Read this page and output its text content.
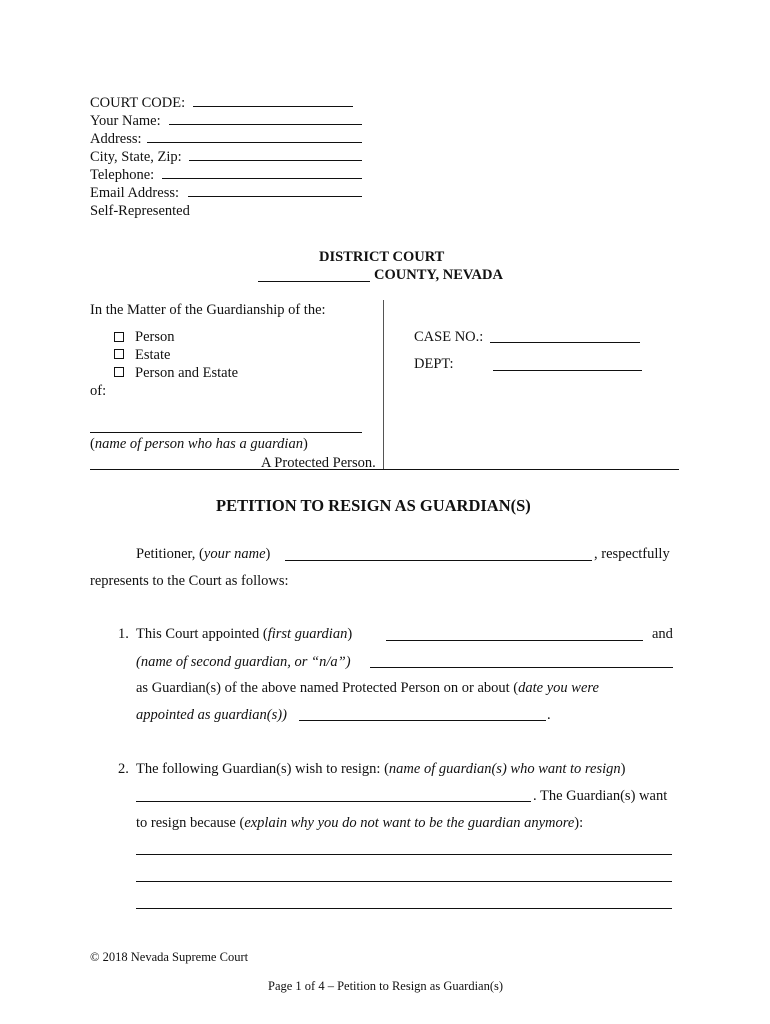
COURT CODE:
Your Name:
Address:
City, State, Zip:
Telephone:
Email Address:
Self-Represented
DISTRICT COURT
COUNTY, NEVADA
In the Matter of the Guardianship of the:
Person
Estate
Person and Estate
of:
(name of person who has a guardian)
A Protected Person.
CASE NO.:
DEPT:
PETITION TO RESIGN AS GUARDIAN(S)
Petitioner, (your name)	, respectfully
represents to the Court as follows:
1. This Court appointed (first guardian)	and
(name of second guardian, or “n/a”)
as Guardian(s) of the above named Protected Person on or about (date you were
appointed as guardian(s))	.
2. The following Guardian(s) wish to resign: (name of guardian(s) who want to resign)
. The Guardian(s) want
to resign because (explain why you do not want to be the guardian anymore):
© 2018 Nevada Supreme Court
Page 1 of 4 – Petition to Resign as Guardian(s)
